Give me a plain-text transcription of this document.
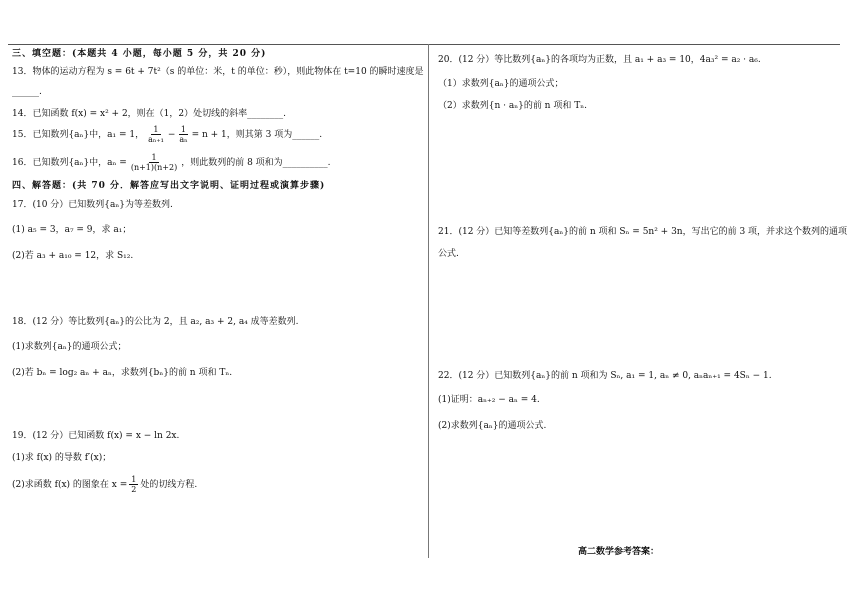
三、填空题：(本题共 4 小题，每小题 5 分，共 20 分)
13．物体的运动方程为 s = 6t + 7t²（s 的单位：米，t 的单位：秒），则此物体在 t=10 的瞬时速度是
______.
14．已知函数 f(x) = x² + 2，则在（1，2）处切线的斜率________.
15．已知数列{aₙ}中，a₁ = 1， $\frac{1}{\text{aₙ₊₁}} - \frac{1}{\text{aₙ}} = n + 1$，则其第 3 项为______.
16．已知数列{aₙ}中，$a_n = \frac{1}{(n+1)(n+2)}$ ，则此数列的前 8 项和为__________.
四、解答题：(共 70 分．解答应写出文字说明、证明过程或演算步骤)
17．(10 分）已知数列{aₙ}为等差数列.
(1) a₅ = 3，a₇ = 9，求 a₁；
(2)若 a₃ + a₁₀ = 12，求 S₁₂.
18．(12 分）等比数列{aₙ}的公比为 2，且 a₂, a₃ + 2, a₄ 成等差数列.
(1)求数列{aₙ}的通项公式；
(2)若 bₙ = log₂ aₙ + aₙ，求数列{bₙ}的前 n 项和 Tₙ.
19．(12 分）已知函数 f(x) = x − ln 2x.
(1)求 f(x) 的导数 f′(x)；
(2)求函数 f(x) 的图象在 $x = \frac{1}{2}$ 处的切线方程.
20．(12 分）等比数列{aₙ}的各项均为正数，且 a₁ + a₃ = 10，4a₃² = a₂ · a₆.
（1）求数列{aₙ}的通项公式；
（2）求数列{n · aₙ}的前 n 项和 Tₙ.
21．(12 分）已知等差数列{aₙ}的前 n 项和 Sₙ = 5n² + 3n，写出它的前 3 项，并求这个数列的通项
公式.
22．(12 分）已知数列{aₙ}的前 n 项和为 Sₙ, a₁ = 1, aₙ ≠ 0, aₙaₙ₊₁ = 4Sₙ − 1.
(1)证明：aₙ₊₂ − aₙ = 4.
(2)求数列{aₙ}的通项公式.
高二数学参考答案：
